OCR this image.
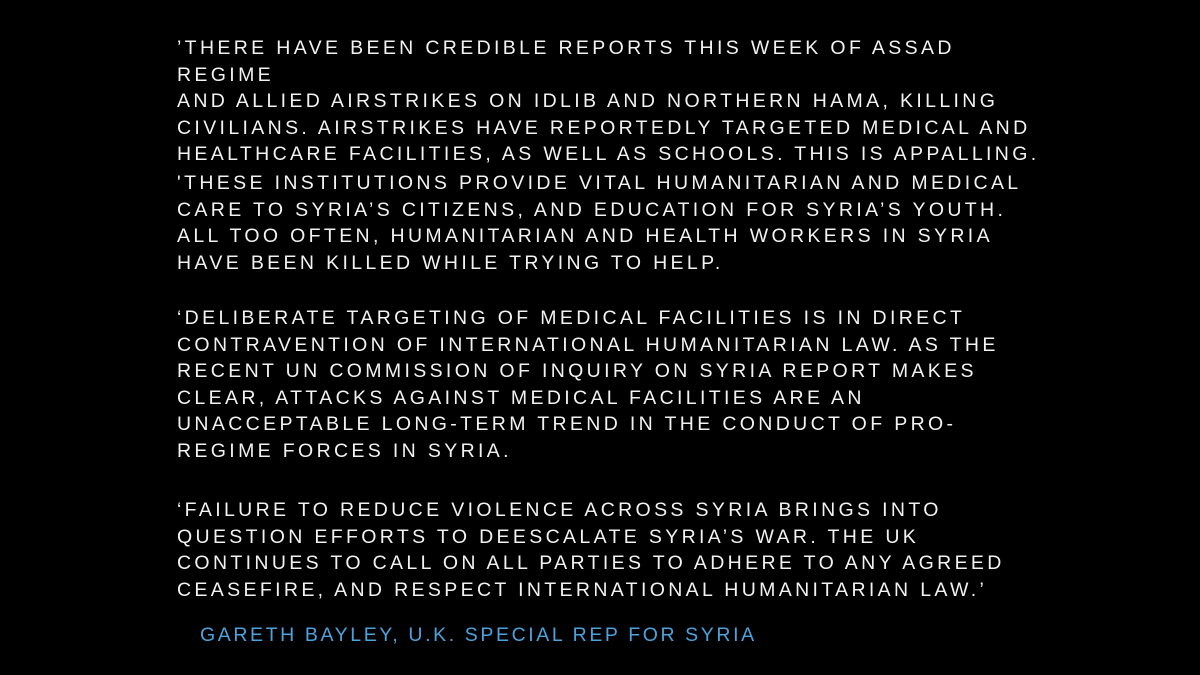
’THERE HAVE BEEN CREDIBLE REPORTS THIS WEEK OF ASSAD REGIME
AND ALLIED AIRSTRIKES ON IDLIB AND NORTHERN HAMA, KILLING
CIVILIANS. AIRSTRIKES HAVE REPORTEDLY TARGETED MEDICAL AND
HEALTHCARE FACILITIES, AS WELL AS SCHOOLS. THIS IS APPALLING.

'THESE INSTITUTIONS PROVIDE VITAL HUMANITARIAN AND MEDICAL
CARE TO SYRIA’S CITIZENS, AND EDUCATION FOR SYRIA’S YOUTH.
ALL TOO OFTEN, HUMANITARIAN AND HEALTH WORKERS IN SYRIA
HAVE BEEN KILLED WHILE TRYING TO HELP.

‘DELIBERATE TARGETING OF MEDICAL FACILITIES IS IN DIRECT
CONTRAVENTION OF INTERNATIONAL HUMANITARIAN LAW. AS THE
RECENT UN COMMISSION OF INQUIRY ON SYRIA REPORT MAKES
CLEAR, ATTACKS AGAINST MEDICAL FACILITIES ARE AN
UNACCEPTABLE LONG-TERM TREND IN THE CONDUCT OF PRO-
REGIME FORCES IN SYRIA.

‘FAILURE TO REDUCE VIOLENCE ACROSS SYRIA BRINGS INTO
QUESTION EFFORTS TO DEESCALATE SYRIA’S WAR. THE UK
CONTINUES TO CALL ON ALL PARTIES TO ADHERE TO ANY AGREED
CEASEFIRE, AND RESPECT INTERNATIONAL HUMANITARIAN LAW.’

GARETH BAYLEY, U.K. SPECIAL REP FOR SYRIA
